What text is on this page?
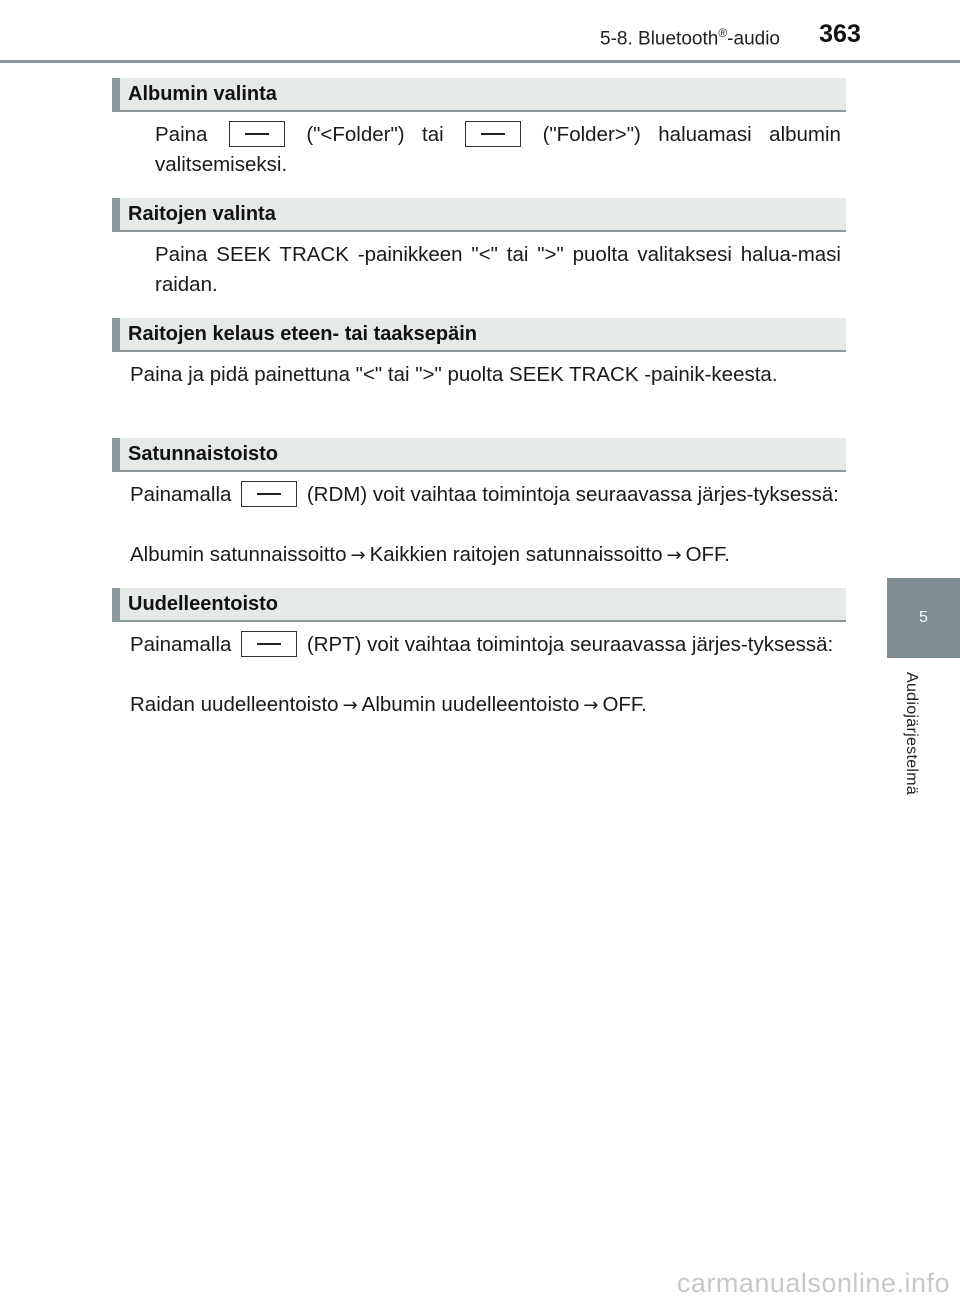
5-8. Bluetooth®-audio	363
5
Audiojärjestelmä
Albumin valinta

Paina	("<Folder") tai	("Folder>") haluamasi albumin valitsemiseksi.

Raitojen valinta

Paina SEEK TRACK -painikkeen "<" tai ">" puolta valitaksesi halua-masi raidan.

Raitojen kelaus eteen- tai taaksepäin

Paina ja pidä painettuna "<" tai ">" puolta SEEK TRACK -painik-keesta.

Satunnaistoisto

Painamalla	(RDM) voit vaihtaa toimintoja seuraavassa järjes-tyksessä:

Albumin satunnaissoitto → Kaikkien raitojen satunnaissoitto → OFF.

Uudelleentoisto

Painamalla	(RPT) voit vaihtaa toimintoja seuraavassa järjes-tyksessä:

Raidan uudelleentoisto → Albumin uudelleentoisto → OFF.

carmanualsonline.info
